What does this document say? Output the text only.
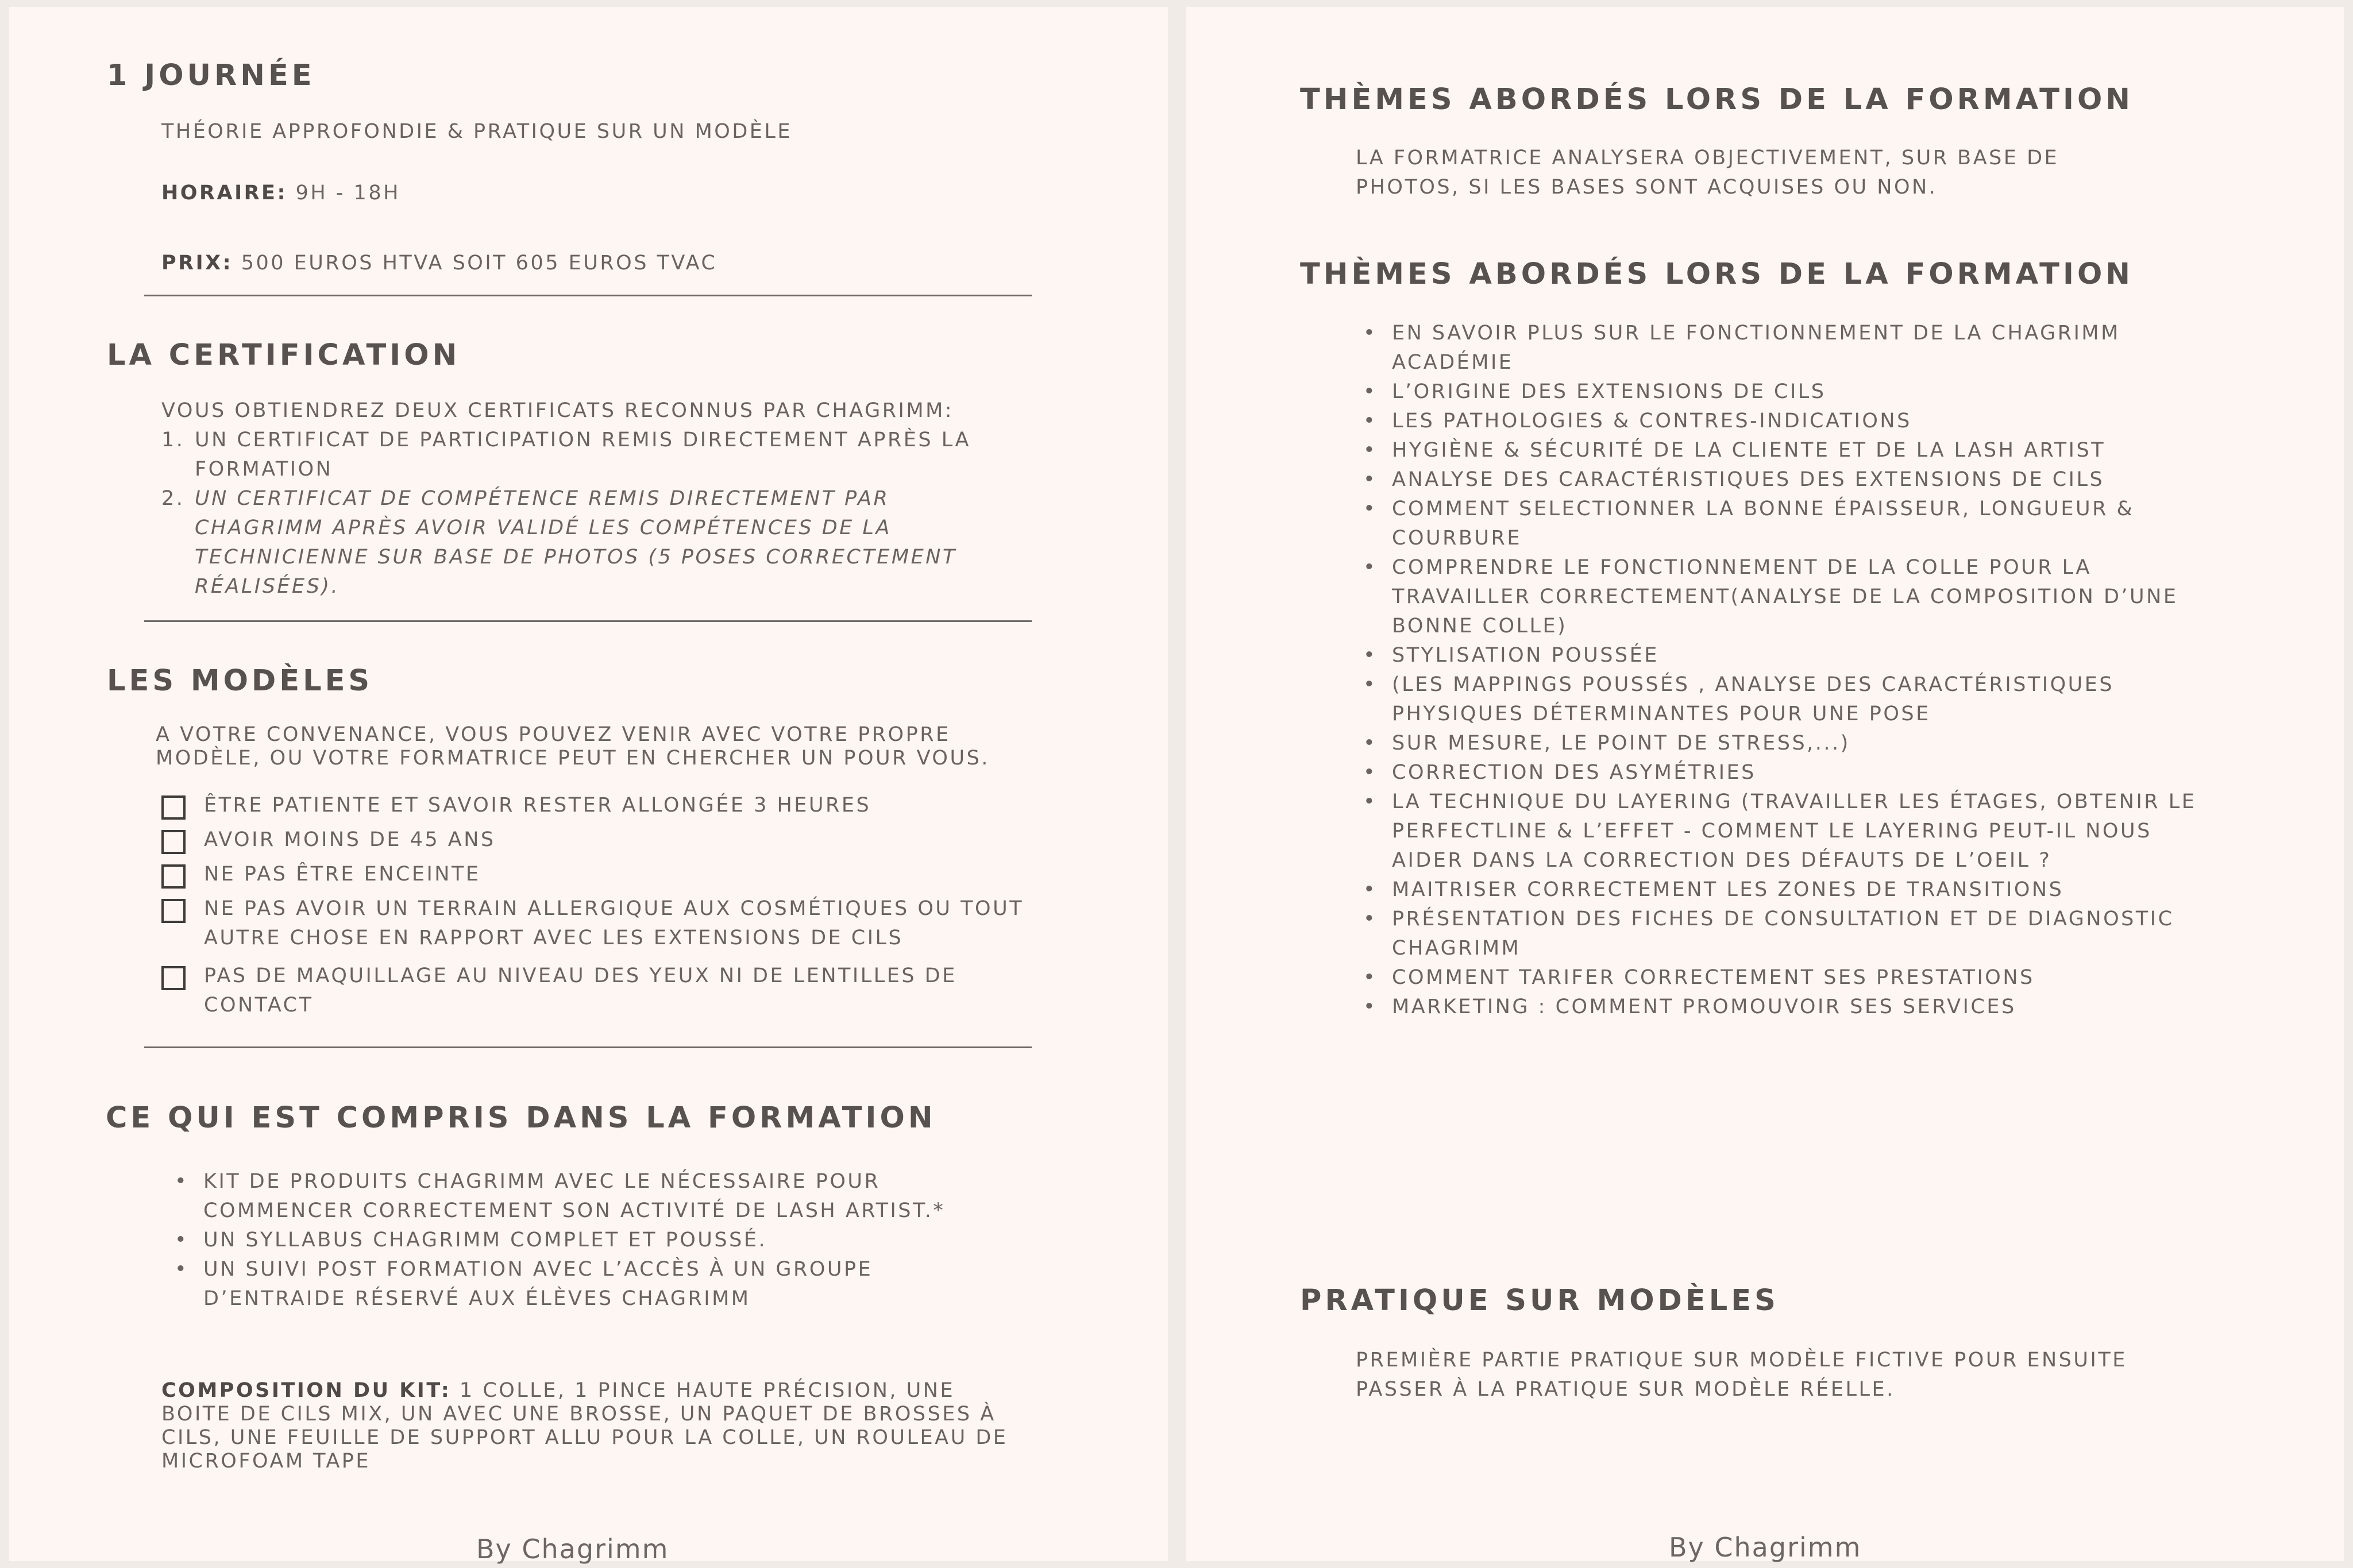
1 JOURNÉE

THÉORIE APPROFONDIE & PRATIQUE SUR UN MODÈLE

HORAIRE: 9H - 18H

PRIX: 500 EUROS HTVA SOIT 605 EUROS TVAC

LA CERTIFICATION

VOUS OBTIENDREZ DEUX CERTIFICATS RECONNUS PAR CHAGRIMM:

1. UN CERTIFICAT DE PARTICIPATION REMIS DIRECTEMENT APRÈS LA FORMATION
2. UN CERTIFICAT DE COMPÉTENCE REMIS DIRECTEMENT PAR CHAGRIMM APRÈS AVOIR VALIDÉ LES COMPÉTENCES DE LA TECHNICIENNE SUR BASE DE PHOTOS (5 POSES CORRECTEMENT RÉALISÉES).
LES MODÈLES

A VOTRE CONVENANCE, VOUS POUVEZ VENIR AVEC VOTRE PROPRE MODÈLE, OU VOTRE FORMATRICE PEUT EN CHERCHER UN POUR VOUS.

ÊTRE PATIENTE ET SAVOIR RESTER ALLONGÉE 3 HEURES
AVOIR MOINS DE 45 ANS
NE PAS ÊTRE ENCEINTE
NE PAS AVOIR UN TERRAIN ALLERGIQUE AUX COSMÉTIQUES OU TOUT AUTRE CHOSE EN RAPPORT AVEC LES EXTENSIONS DE CILS
PAS DE MAQUILLAGE AU NIVEAU DES YEUX NI DE LENTILLES DE CONTACT
CE QUI EST COMPRIS DANS LA FORMATION
• KIT DE PRODUITS CHAGRIMM AVEC LE NÉCESSAIRE POUR COMMENCER CORRECTEMENT SON ACTIVITÉ DE LASH ARTIST.*
• UN SYLLABUS CHAGRIMM COMPLET ET POUSSÉ.
• UN SUIVI POST FORMATION AVEC L’ACCÈS À UN GROUPE D’ENTRAIDE RÉSERVÉ AUX ÉLÈVES CHAGRIMM

COMPOSITION DU KIT: 1 COLLE, 1 PINCE HAUTE PRÉCISION, UNE BOITE DE CILS MIX, UN AVEC UNE BROSSE, UN PAQUET DE BROSSES À CILS, UNE FEUILLE DE SUPPORT ALLU POUR LA COLLE, UN ROULEAU DE MICROFOAM TAPE

By Chagrimm
THÈMES ABORDÉS LORS DE LA FORMATION

LA FORMATRICE ANALYSERA OBJECTIVEMENT, SUR BASE DE PHOTOS, SI LES BASES SONT ACQUISES OU NON.

THÈMES ABORDÉS LORS DE LA FORMATION
• EN SAVOIR PLUS SUR LE FONCTIONNEMENT DE LA CHAGRIMM ACADÉMIE
• L’ORIGINE DES EXTENSIONS DE CILS
• LES PATHOLOGIES & CONTRES-INDICATIONS
• HYGIÈNE & SÉCURITÉ DE LA CLIENTE ET DE LA LASH ARTIST
• ANALYSE DES CARACTÉRISTIQUES DES EXTENSIONS DE CILS
• COMMENT SELECTIONNER LA BONNE ÉPAISSEUR, LONGUEUR & COURBURE
• COMPRENDRE LE FONCTIONNEMENT DE LA COLLE POUR LA TRAVAILLER CORRECTEMENT(ANALYSE DE LA COMPOSITION D’UNE BONNE COLLE)
• STYLISATION POUSSÉE
• (LES MAPPINGS POUSSÉS , ANALYSE DES CARACTÉRISTIQUES PHYSIQUES DÉTERMINANTES POUR UNE POSE
• SUR MESURE, LE POINT DE STRESS,...)
• CORRECTION DES ASYMÉTRIES
• LA TECHNIQUE DU LAYERING (TRAVAILLER LES ÉTAGES, OBTENIR LE PERFECTLINE & L’EFFET - COMMENT LE LAYERING PEUT-IL NOUS AIDER DANS LA CORRECTION DES DÉFAUTS DE L’OEIL ?
• MAITRISER CORRECTEMENT LES ZONES DE TRANSITIONS
• PRÉSENTATION DES FICHES DE CONSULTATION ET DE DIAGNOSTIC CHAGRIMM
• COMMENT TARIFER CORRECTEMENT SES PRESTATIONS
• MARKETING : COMMENT PROMOUVOIR SES SERVICES
PRATIQUE SUR MODÈLES

PREMIÈRE PARTIE PRATIQUE SUR MODÈLE FICTIVE POUR ENSUITE PASSER À LA PRATIQUE SUR MODÈLE RÉELLE.

By Chagrimm
